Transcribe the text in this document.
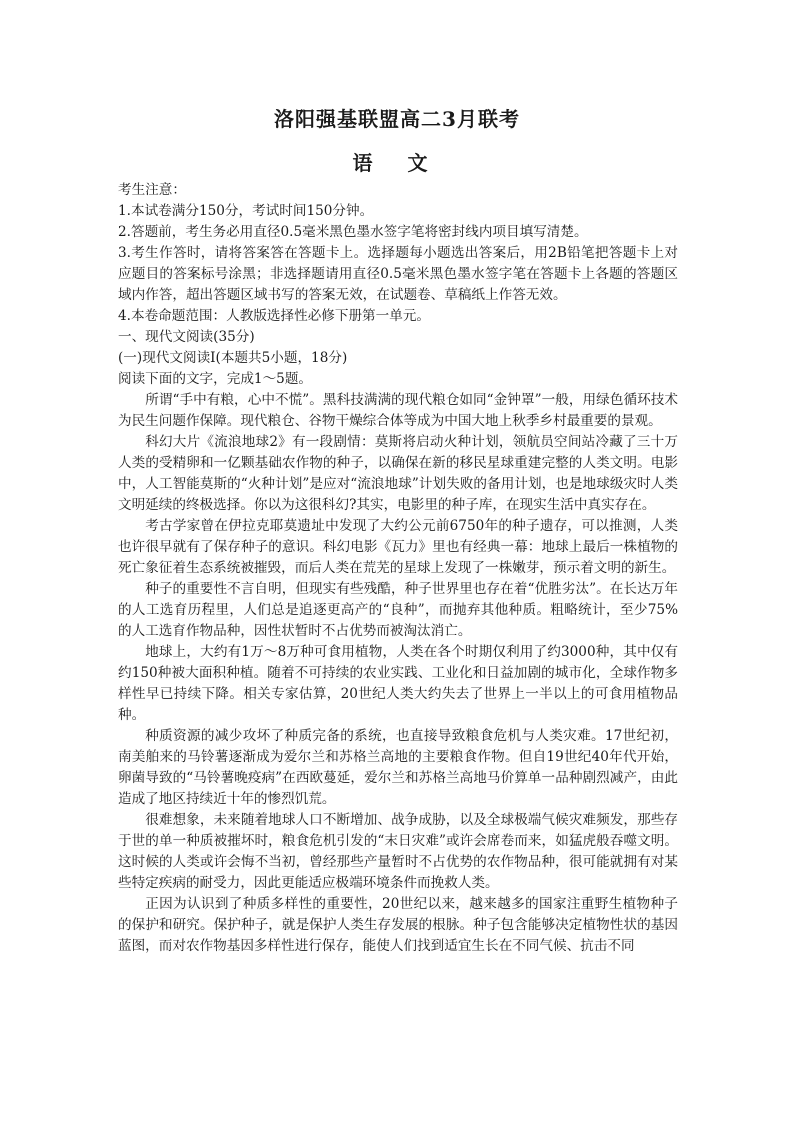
洛阳强基联盟高二3月联考
语 文

考生注意：

1.本试卷满分150分，考试时间150分钟。

2.答题前，考生务必用直径0.5毫米黑色墨水签字笔将密封线内项目填写清楚。

3.考生作答时，请将答案答在答题卡上。选择题每小题选出答案后，用2B铅笔把答题卡上对应题目的答案标号涂黑；非选择题请用直径0.5毫米黑色墨水签字笔在答题卡上各题的答题区域内作答，超出答题区域书写的答案无效，在试题卷、草稿纸上作答无效。

4.本卷命题范围：人教版选择性必修下册第一单元。

一、现代文阅读(35分)

(一)现代文阅读Ⅰ(本题共5小题，18分)

阅读下面的文字，完成1～5题。

所谓“手中有粮，心中不慌”。黑科技满满的现代粮仓如同“金钟罩”一般，用绿色循环技术为民生问题作保障。现代粮仓、谷物干燥综合体等成为中国大地上秋季乡村最重要的景观。

科幻大片《流浪地球2》有一段剧情：莫斯将启动火种计划，领航员空间站冷藏了三十万人类的受精卵和一亿颗基础农作物的种子，以确保在新的移民星球重建完整的人类文明。电影中，人工智能莫斯的“火种计划”是应对“流浪地球”计划失败的备用计划，也是地球级灾时人类文明延续的终极选择。你以为这很科幻?其实，电影里的种子库，在现实生活中真实存在。

考古学家曾在伊拉克耶莫遗址中发现了大约公元前6750年的种子遗存，可以推测，人类也许很早就有了保存种子的意识。科幻电影《瓦力》里也有经典一幕：地球上最后一株植物的死亡象征着生态系统被摧毁，而后人类在荒芜的星球上发现了一株嫩芽，预示着文明的新生。

种子的重要性不言自明，但现实有些残酷，种子世界里也存在着“优胜劣汰”。在长达万年的人工选育历程里，人们总是追逐更高产的“良种”，而抛弃其他种质。粗略统计，至少75%的人工选育作物品种，因性状暂时不占优势而被淘汰消亡。

地球上，大约有1万～8万种可食用植物，人类在各个时期仅利用了约3000种，其中仅有约150种被大面积种植。随着不可持续的农业实践、工业化和日益加剧的城市化，全球作物多样性早已持续下降。相关专家估算，20世纪人类大约失去了世界上一半以上的可食用植物品种。

种质资源的减少攻坏了种质完备的系统，也直接导致粮食危机与人类灾难。17世纪初，南美舶来的马铃薯逐渐成为爱尔兰和苏格兰高地的主要粮食作物。但自19世纪40年代开始，卵菌导致的“马铃薯晚疫病”在西欧蔓延，爱尔兰和苏格兰高地马价算单一品种剧烈减产，由此造成了地区持续近十年的惨烈饥荒。

很难想象，未来随着地球人口不断增加、战争成胁，以及全球极端气候灾难频发，那些存于世的单一种质被摧坏时，粮食危机引发的“末日灾难”或许会席卷而来，如猛虎般吞噬文明。这时候的人类或许会悔不当初，曾经那些产量暂时不占优势的农作物品种，很可能就拥有对某些特定疾病的耐受力，因此更能适应极端环境条件而挽救人类。

正因为认识到了种质多样性的重要性，20世纪以来，越来越多的国家注重野生植物种子的保护和研究。保护种子，就是保护人类生存发展的根脉。种子包含能够决定植物性状的基因蓝图，而对农作物基因多样性进行保存，能使人们找到适宜生长在不同气候、抗击不同
